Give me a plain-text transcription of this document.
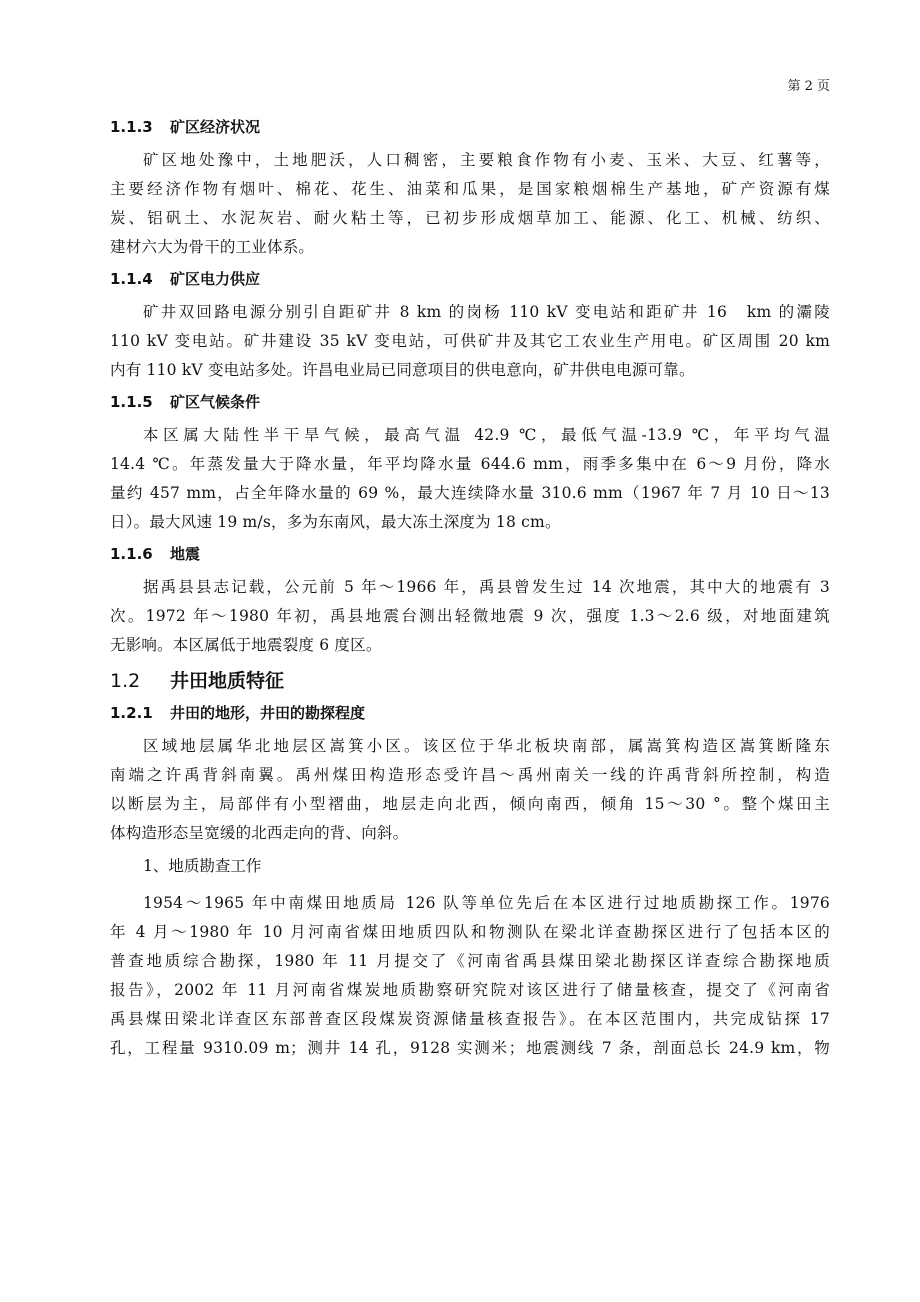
第 2 页
1.1.3 矿区经济状况
矿区地处豫中，土地肥沃，人口稠密，主要粮食作物有小麦、玉米、大豆、红薯等，
主要经济作物有烟叶、棉花、花生、油菜和瓜果，是国家粮烟棉生产基地，矿产资源有煤
炭、铝矾土、水泥灰岩、耐火粘土等，已初步形成烟草加工、能源、化工、机械、纺织、
建材六大为骨干的工业体系。
1.1.4 矿区电力供应
矿井双回路电源分别引自距矿井 8 km 的岗杨 110 kV 变电站和距矿井 16　km 的灞陵
110 kV 变电站。矿井建设 35 kV 变电站，可供矿井及其它工农业生产用电。矿区周围 20 km
内有 110 kV 变电站多处。许昌电业局已同意项目的供电意向，矿井供电电源可靠。
1.1.5 矿区气候条件
本区属大陆性半干旱气候，最高气温 42.9 ℃，最低气温-13.9 ℃，年平均气温
14.4 ℃。年蒸发量大于降水量，年平均降水量 644.6 mm，雨季多集中在 6～9 月份，降水
量约 457 mm，占全年降水量的 69 %，最大连续降水量 310.6 mm（1967 年 7 月 10 日～13
日）。最大风速 19 m/s，多为东南风，最大冻土深度为 18 cm。
1.1.6 地震
据禹县县志记载，公元前 5 年～1966 年，禹县曾发生过 14 次地震，其中大的地震有 3
次。1972 年～1980 年初，禹县地震台测出轻微地震 9 次，强度 1.3～2.6 级，对地面建筑
无影响。本区属低于地震裂度 6 度区。
1.2 井田地质特征
1.2.1 井田的地形，井田的勘探程度
区域地层属华北地层区嵩箕小区。该区位于华北板块南部，属嵩箕构造区嵩箕断隆东
南端之许禹背斜南翼。禹州煤田构造形态受许昌～禹州南关一线的许禹背斜所控制，构造
以断层为主，局部伴有小型褶曲，地层走向北西，倾向南西，倾角 15～30 °。整个煤田主
体构造形态呈宽缓的北西走向的背、向斜。
1、地质勘查工作
1954～1965 年中南煤田地质局 126 队等单位先后在本区进行过地质勘探工作。1976
年 4 月～1980 年 10 月河南省煤田地质四队和物测队在梁北详查勘探区进行了包括本区的
普查地质综合勘探，1980 年 11 月提交了《河南省禹县煤田梁北勘探区详查综合勘探地质
报告》，2002 年 11 月河南省煤炭地质勘察研究院对该区进行了储量核查，提交了《河南省
禹县煤田梁北详查区东部普查区段煤炭资源储量核查报告》。在本区范围内，共完成钻探 17
孔，工程量 9310.09 m；测井 14 孔，9128 实测米；地震测线 7 条，剖面总长 24.9 km，物
